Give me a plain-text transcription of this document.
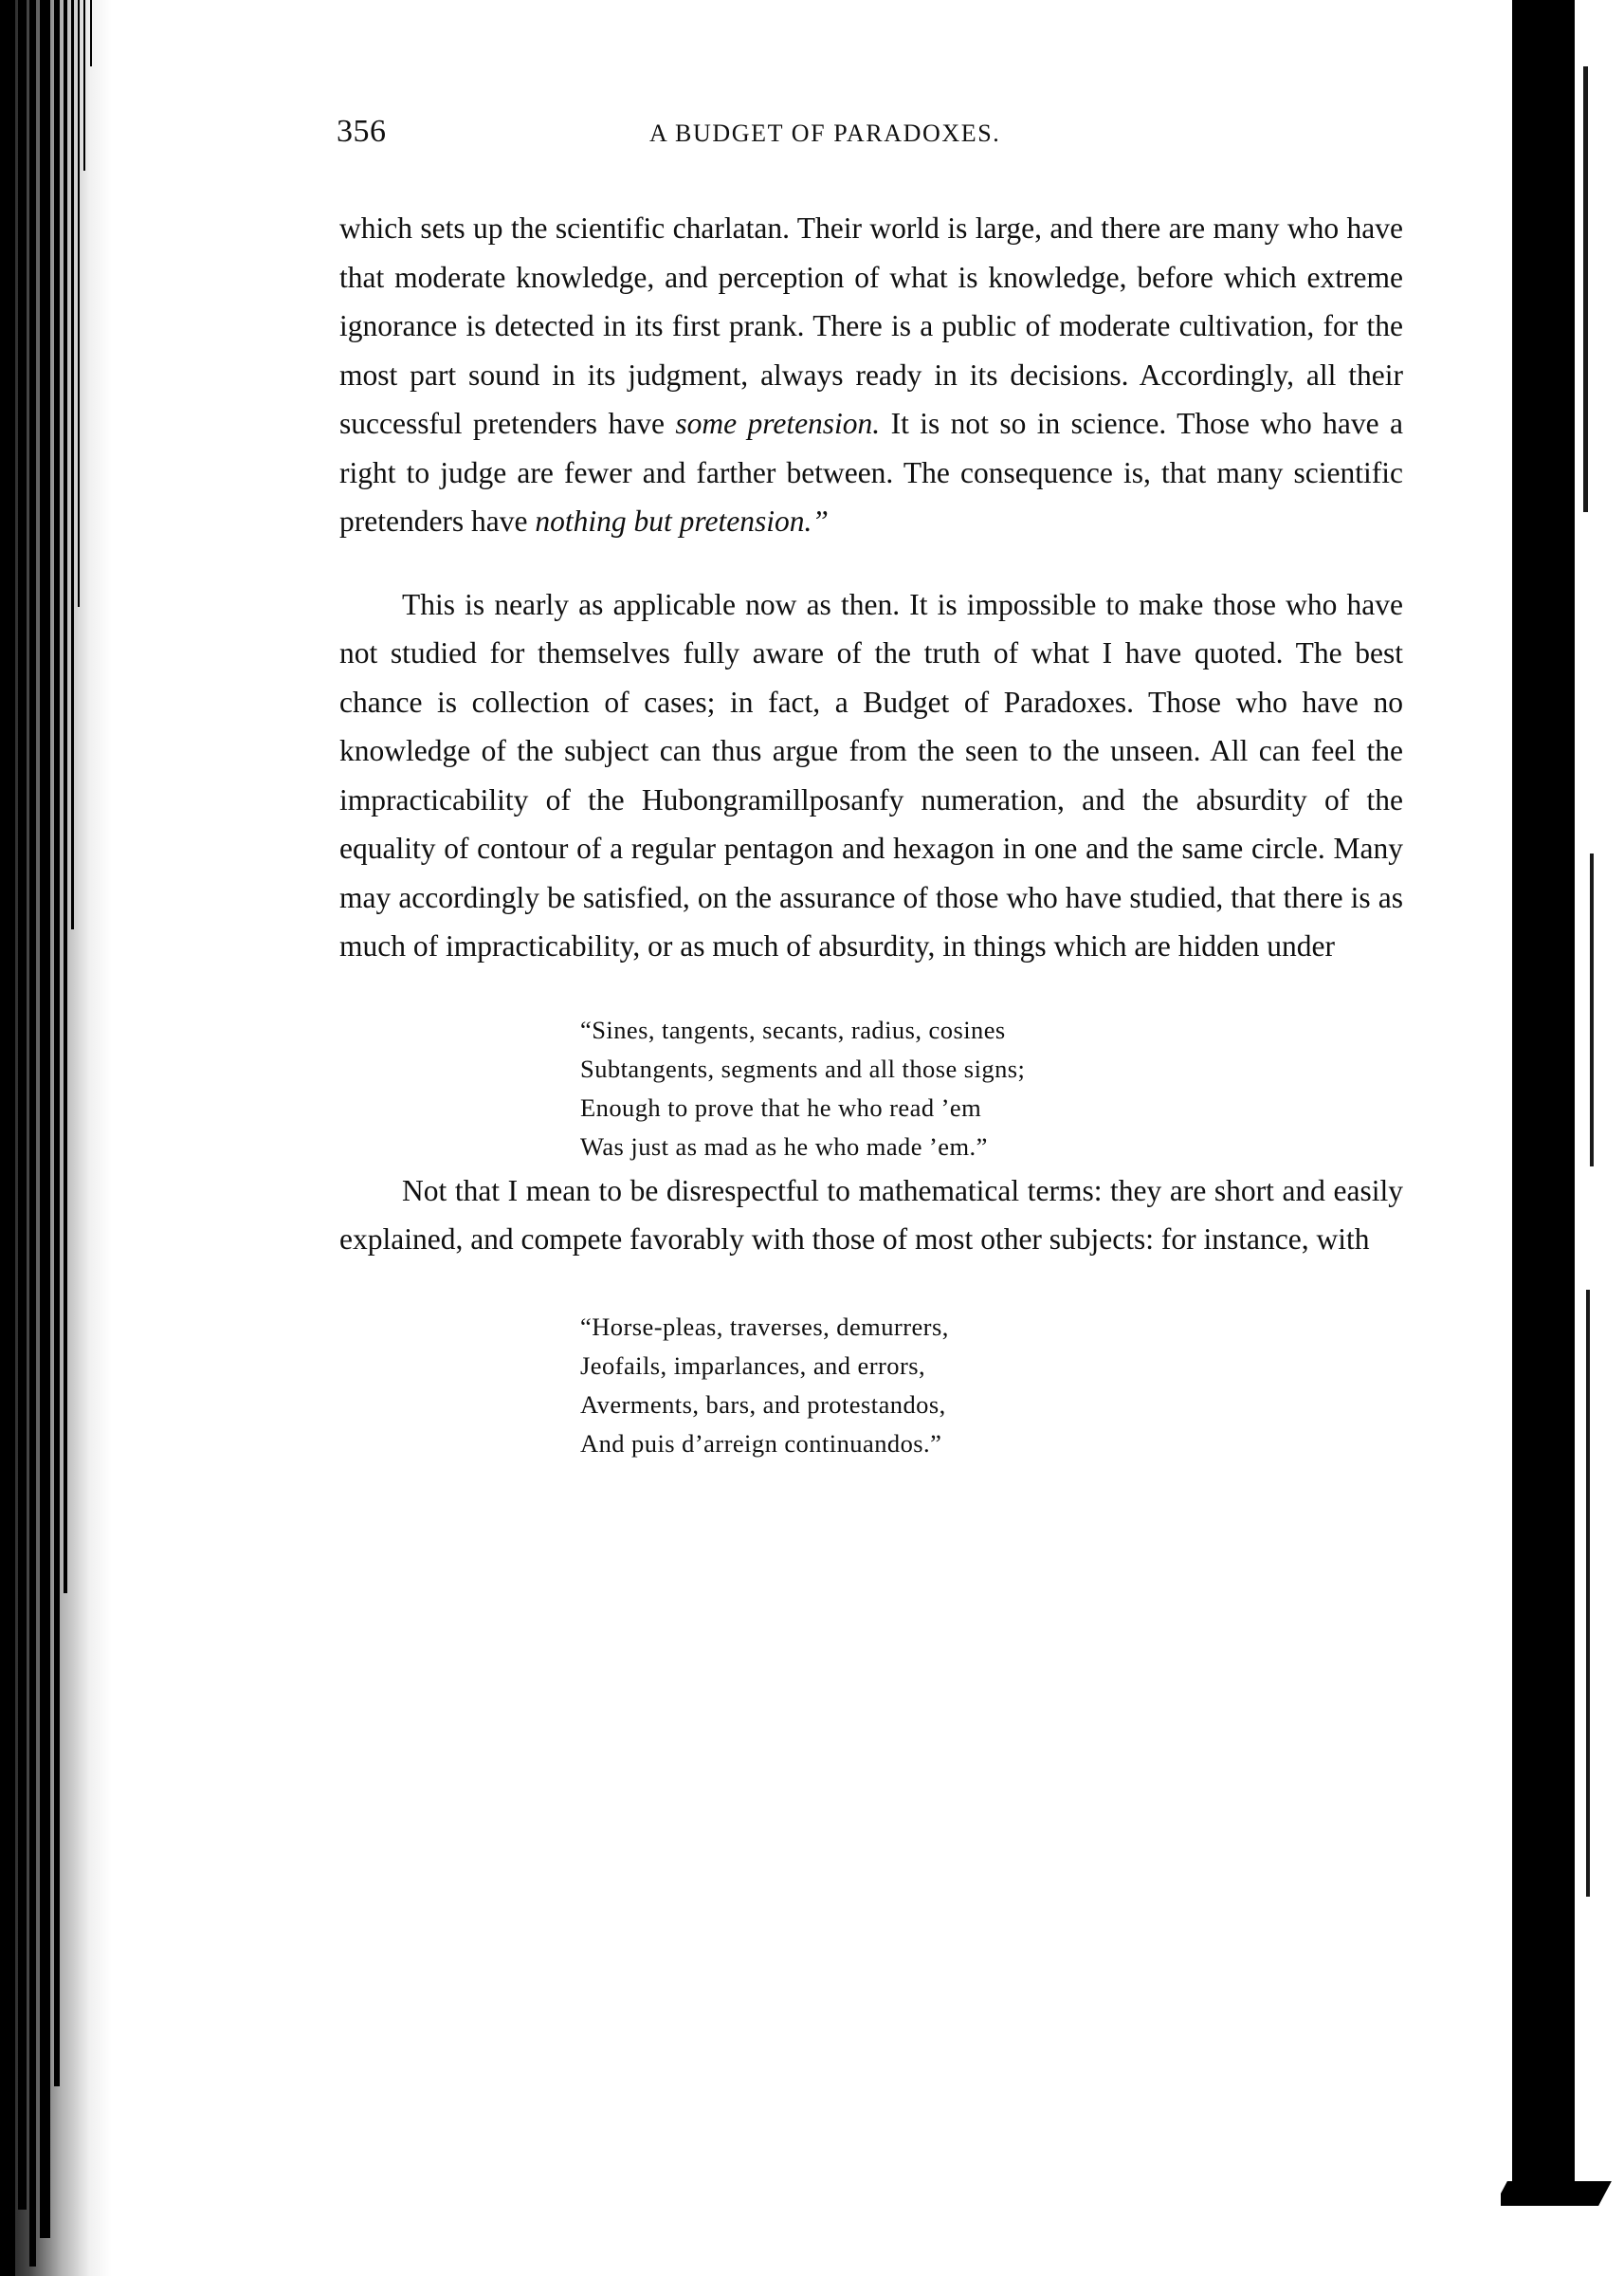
356	A BUDGET OF PARADOXES.

which sets up the scientific charlatan. Their world is large, and there are many who have that moderate knowledge, and perception of what is knowledge, before which extreme ignorance is detected in its first prank. There is a public of moderate cultivation, for the most part sound in its judgment, always ready in its decisions. Accordingly, all their successful pretenders have some pretension. It is not so in science. Those who have a right to judge are fewer and farther between. The consequence is, that many scientific pretenders have nothing but pretension.”

This is nearly as applicable now as then. It is impossible to make those who have not studied for themselves fully aware of the truth of what I have quoted. The best chance is collection of cases; in fact, a Budget of Paradoxes. Those who have no knowledge of the subject can thus argue from the seen to the unseen. All can feel the impracticability of the Hubongramillposanfy numeration, and the absurdity of the equality of contour of a regular pentagon and hexagon in one and the same circle. Many may accordingly be satisfied, on the assurance of those who have studied, that there is as much of impracticability, or as much of absurdity, in things which are hidden under

“Sines, tangents, secants, radius, cosines
Subtangents, segments and all those signs;
Enough to prove that he who read ’em
Was just as mad as he who made ’em.”

Not that I mean to be disrespectful to mathematical terms: they are short and easily explained, and compete favorably with those of most other subjects: for instance, with

“Horse-pleas, traverses, demurrers,
Jeofails, imparlances, and errors,
Averments, bars, and protestandos,
And puis d’arreign continuandos.”
